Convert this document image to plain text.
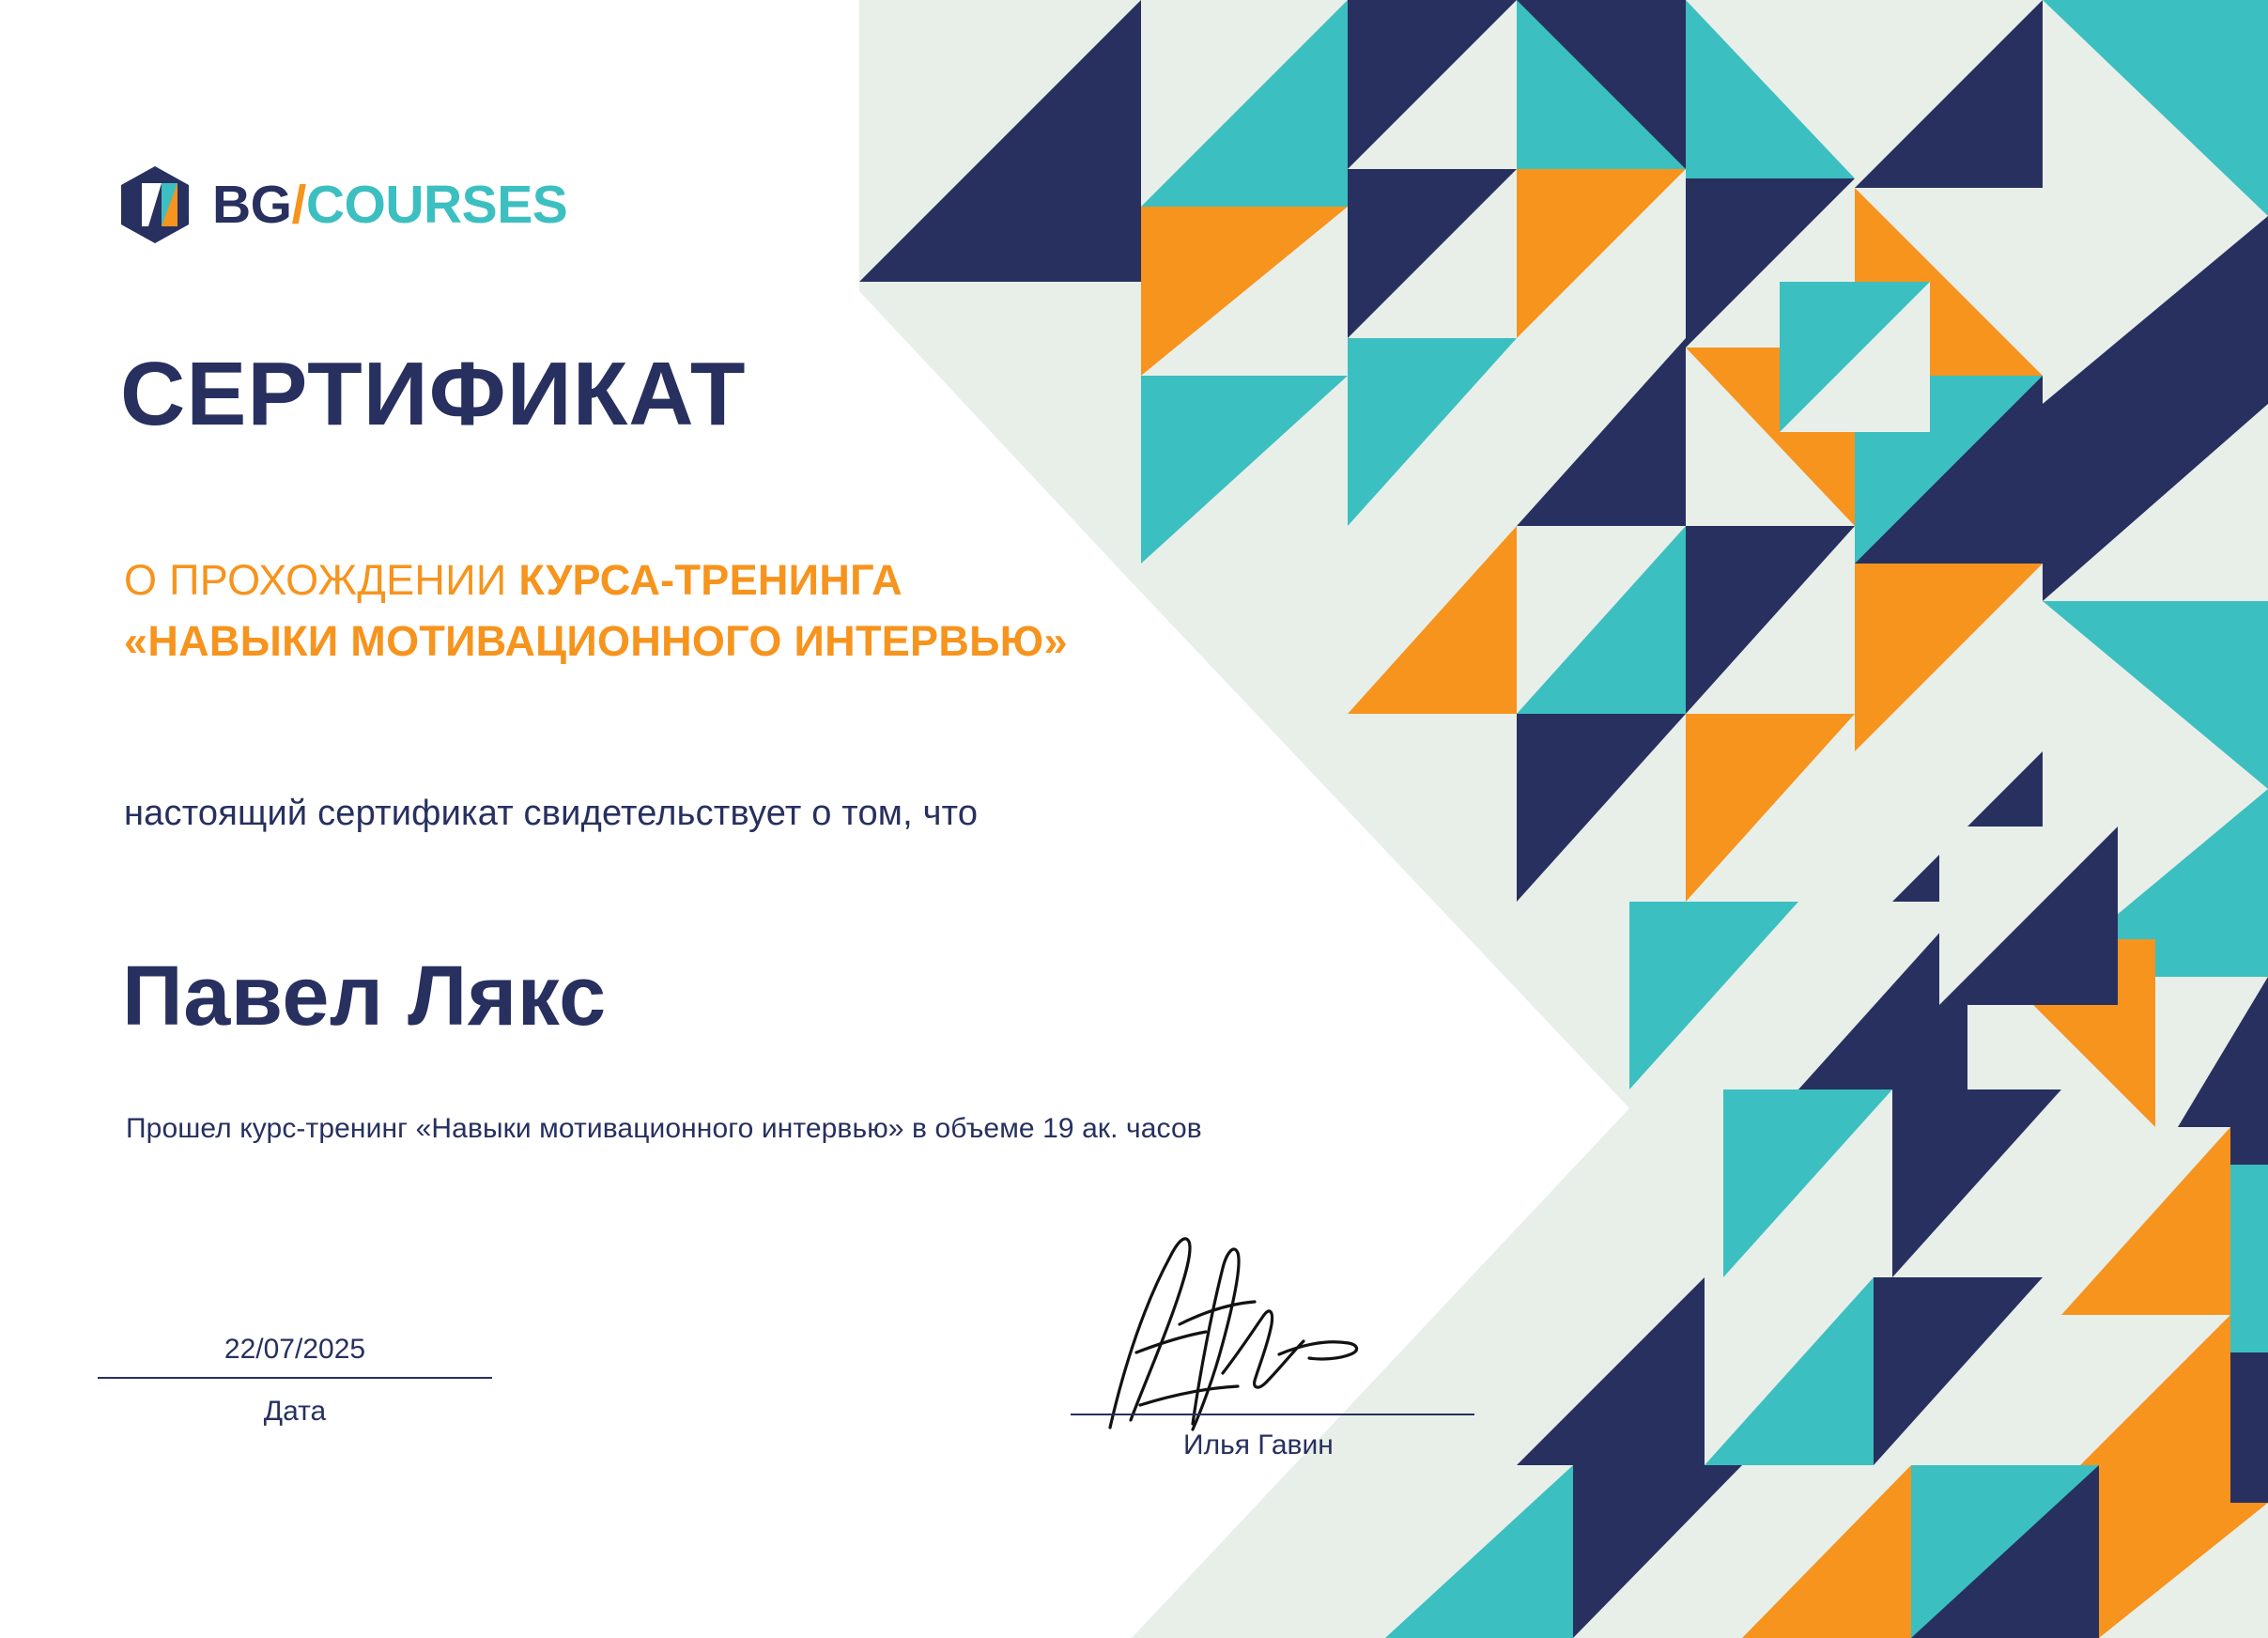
BG/COURSES
СЕРТИФИКАТ
О ПРОХОЖДЕНИИ КУРСА-ТРЕНИНГА
«НАВЫКИ МОТИВАЦИОННОГО ИНТЕРВЬЮ»
настоящий сертификат свидетельствует о том, что
Павел Лякс
Прошел курс-тренинг «Навыки мотивационного интервью» в объеме 19 ак. часов
22/07/2025
Дата
Илья Гавин
